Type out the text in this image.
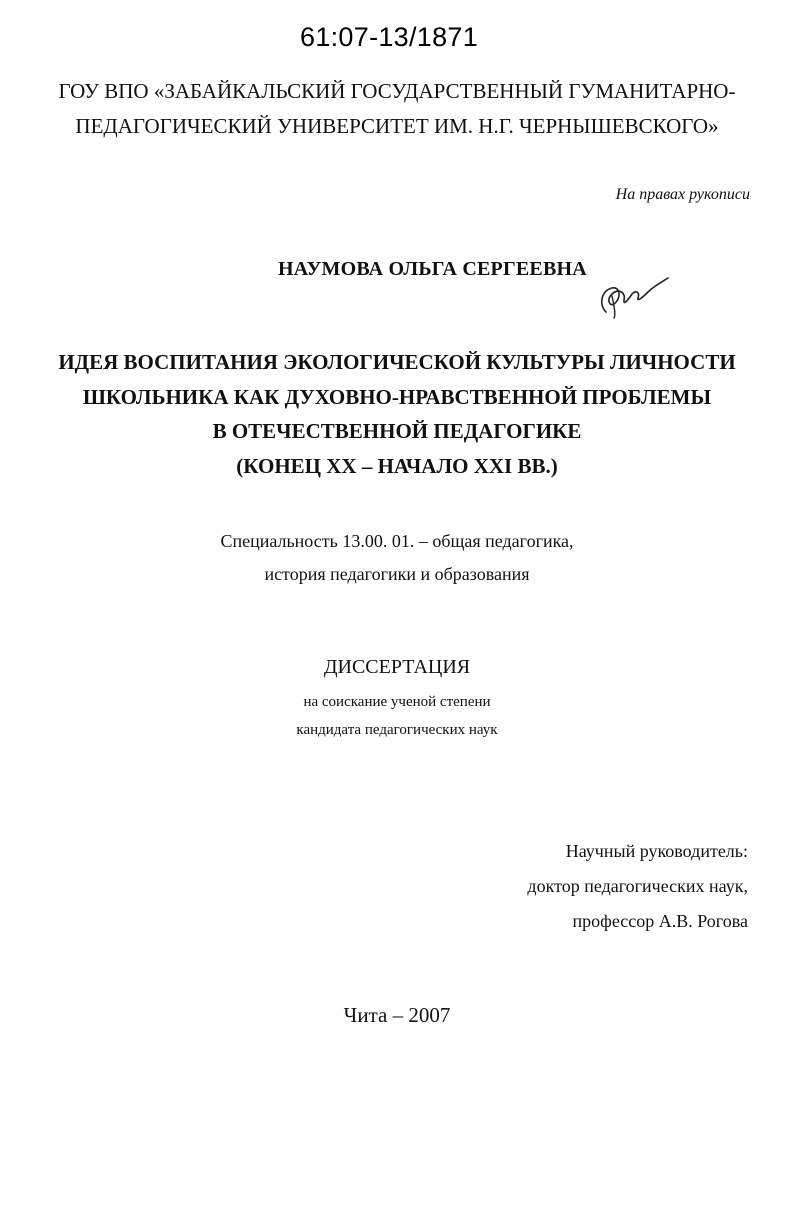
61:07-13/1871
ГОУ ВПО «ЗАБАЙКАЛЬСКИЙ ГОСУДАРСТВЕННЫЙ ГУМАНИТАРНО-
ПЕДАГОГИЧЕСКИЙ УНИВЕРСИТЕТ ИМ. Н.Г. ЧЕРНЫШЕВСКОГО»
На правах рукописи
НАУМОВА ОЛЬГА СЕРГЕЕВНА
ИДЕЯ ВОСПИТАНИЯ ЭКОЛОГИЧЕСКОЙ КУЛЬТУРЫ ЛИЧНОСТИ
ШКОЛЬНИКА КАК ДУХОВНО-НРАВСТВЕННОЙ ПРОБЛЕМЫ
В ОТЕЧЕСТВЕННОЙ ПЕДАГОГИКЕ
(КОНЕЦ XX – НАЧАЛО XXI ВВ.)
Специальность 13.00. 01. – общая педагогика,
история педагогики и образования
ДИССЕРТАЦИЯ
на соискание ученой степени
кандидата педагогических наук
Научный руководитель:
доктор педагогических наук,
профессор А.В. Рогова
Чита – 2007
